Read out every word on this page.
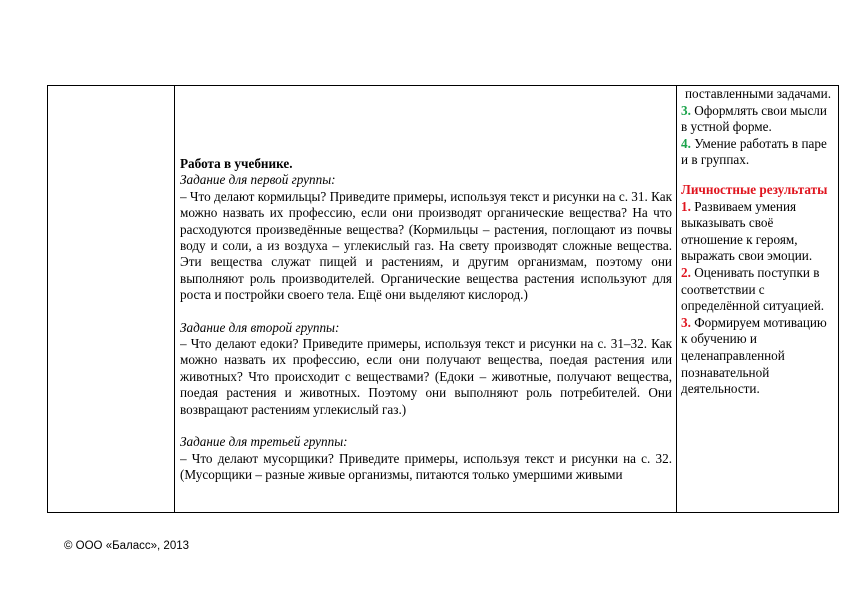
Работа в учебнике.

Задание для первой группы:

– Что делают кормильцы? Приведите примеры, используя текст и рисунки на с. 31. Как можно назвать их профессию, если они производят органические вещества? На что расходуются произведённые вещества? (Кормильцы – растения, поглощают из почвы воду и соли, а из воздуха – углекислый газ. На свету производят сложные вещества. Эти вещества служат пищей и растениям, и другим организмам, поэтому они выполняют роль производителей. Органические вещества растения используют для роста и постройки своего тела. Ещё они выделяют кислород.)

Задание для второй группы:

– Что делают едоки? Приведите примеры, используя текст и рисунки на с. 31–32. Как можно назвать их профессию, если они получают вещества, поедая растения или животных? Что происходит с веществами? (Едоки – животные, получают вещества, поедая растения и животных. Поэтому они выполняют роль потребителей. Они возвращают растениям углекислый газ.)

Задание для третьей группы:

– Что делают мусорщики? Приведите примеры, используя текст и рисунки на с. 32. (Мусорщики – разные живые организмы, питаются только умершими живыми

поставленными задачами.

3. Оформлять свои мысли в устной форме.

4. Умение работать в паре и в группах.

Личностные результаты

1. Развиваем умения выказывать своё отношение к героям, выражать свои эмоции.

2. Оценивать поступки в соответствии с определённой ситуацией.

3. Формируем мотивацию к обучению и целенаправленной познавательной деятельности.

© ООО «Баласс», 2013
